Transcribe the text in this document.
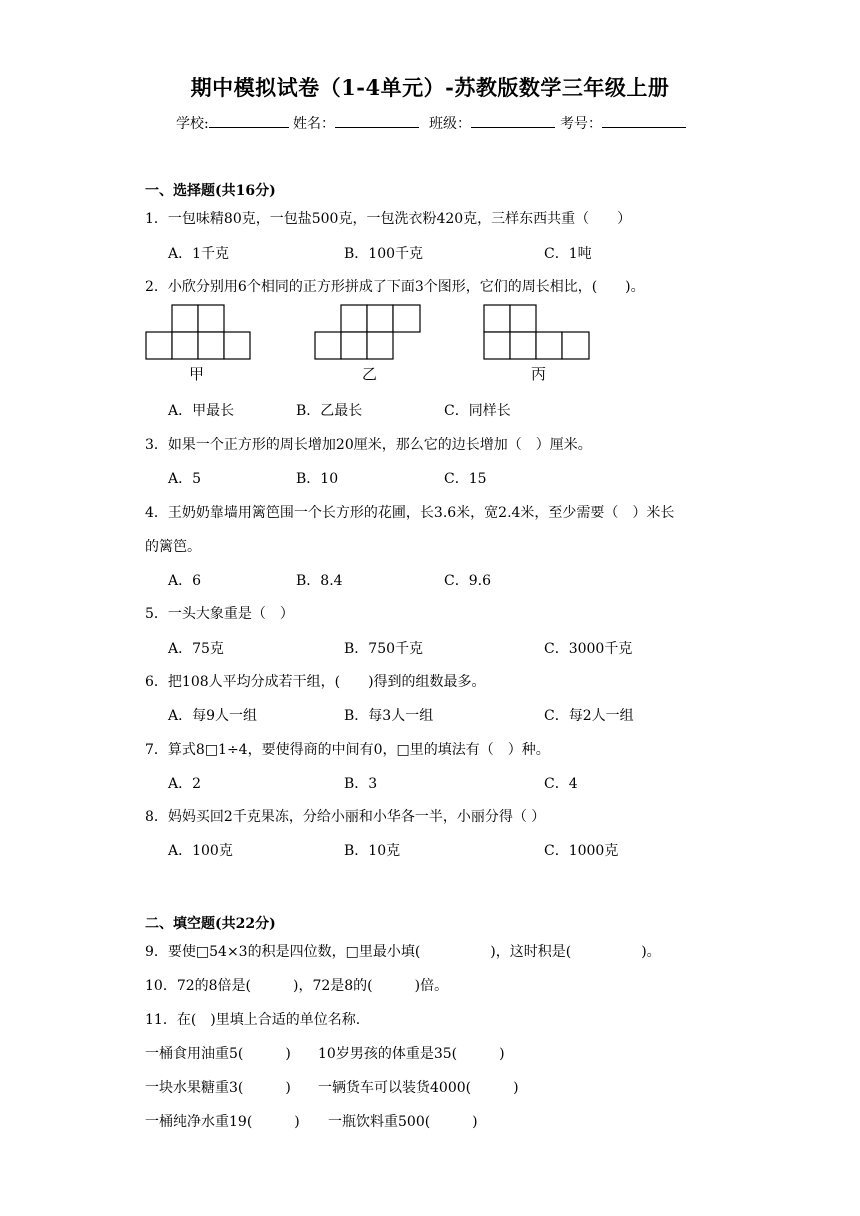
期中模拟试卷（1-4单元）-苏教版数学三年级上册
学校:	姓名：	班级：	考号：
一、选择题(共16分)
1．一包味精80克，一包盐500克，一包洗衣粉420克，三样东西共重（　　）
A．1千克	B．100千克	C．1吨
2．小欣分别用6个相同的正方形拼成了下面3个图形，它们的周长相比，(　　)。
甲	乙	丙
A．甲最长	B．乙最长	C．同样长
3．如果一个正方形的周长增加20厘米，那么它的边长增加（　）厘米。
A．5	B．10	C．15
4．王奶奶靠墙用篱笆围一个长方形的花圃，长3.6米，宽2.4米，至少需要（　）米长
的篱笆。
A．6	B．8.4	C．9.6
5．一头大象重是（　）
A．75克	B．750千克	C．3000千克
6．把108人平均分成若干组，(　　)得到的组数最多。
A．每9人一组	B．每3人一组	C．每2人一组
7．算式8□1÷4，要使得商的中间有0，□里的填法有（　）种。
A．2	B．3	C．4
8．妈妈买回2千克果冻，分给小丽和小华各一半，小丽分得（ ）
A．100克	B．10克	C．1000克
二、填空题(共22分)
9．要使□54×3的积是四位数，□里最小填(　　　　　)，这时积是(　　　　　)。
10．72的8倍是(　　　)，72是8的(　　　)倍。
11．在(　)里填上合适的单位名称.
一桶食用油重5(　　　) 10岁男孩的体重是35(　　　)
一块水果糖重3(　　　) 一辆货车可以装货4000(　　　)
一桶纯净水重19(　　　) 一瓶饮料重500(　　　)
